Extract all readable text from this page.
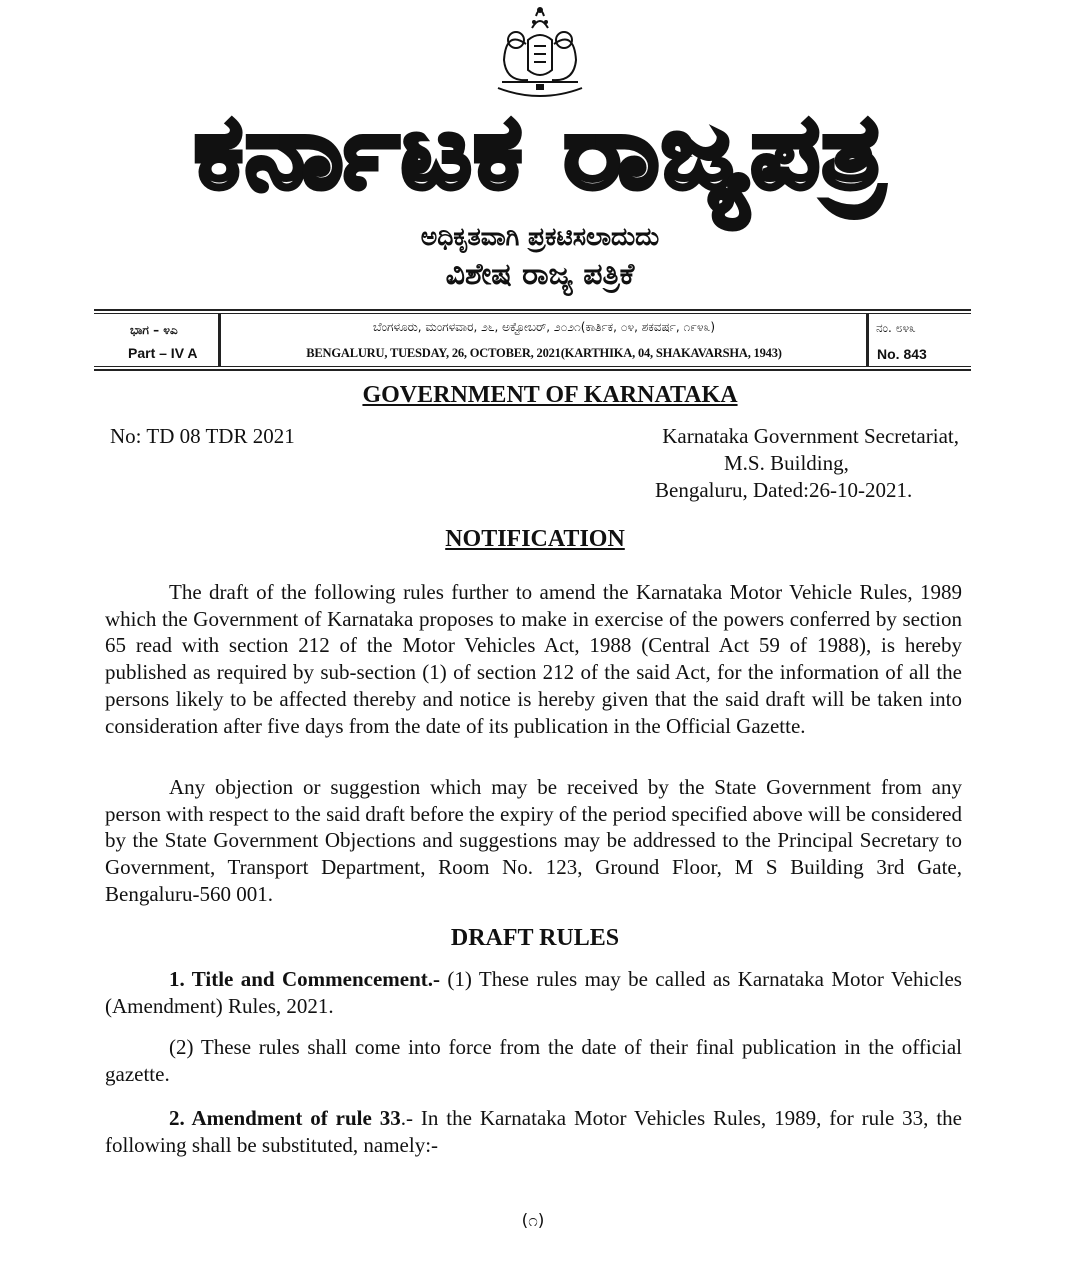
ಕರ್ನಾಟಕ ರಾಜ್ಯಪತ್ರ
ಅಧಿಕೃತವಾಗಿ ಪ್ರಕಟಿಸಲಾದುದು
ವಿಶೇಷ ರಾಜ್ಯ ಪತ್ರಿಕೆ
ಭಾಗ – ೪ಎ
Part – IV A
ಬೆಂಗಳೂರು, ಮಂಗಳವಾರ, ೨೬, ಅಕ್ಟೋಬರ್, ೨೦೨೧(ಕಾರ್ತಿಕ, ೦೪, ಶಕವರ್ಷ, ೧೯೪೩)
BENGALURU, TUESDAY, 26, OCTOBER, 2021(KARTHIKA, 04, SHAKAVARSHA, 1943)
ನಂ. ೮೪೩
No. 843
GOVERNMENT OF KARNATAKA
No: TD 08 TDR 2021	Karnataka Government Secretariat,
M.S. Building,
Bengaluru, Dated:26-10-2021.
NOTIFICATION
The draft of the following rules further to amend the Karnataka Motor Vehicle Rules, 1989 which the Government of Karnataka proposes to make in exercise of the powers conferred by section 65 read with section 212 of the Motor Vehicles Act, 1988 (Central Act 59 of 1988), is hereby published as required by sub-section (1) of section 212 of the said Act, for the information of all the persons likely to be affected thereby and notice is hereby given that the said draft will be taken into consideration after five days from the date of its publication in the Official Gazette.
Any objection or suggestion which may be received by the State Government from any person with respect to the said draft before the expiry of the period specified above will be considered by the State Government Objections and suggestions may be addressed to the Principal Secretary to Government, Transport Department, Room No. 123, Ground Floor, M S Building 3rd Gate, Bengaluru-560 001.
DRAFT RULES
1. Title and Commencement.- (1) These rules may be called as Karnataka Motor Vehicles (Amendment) Rules, 2021.
(2) These rules shall come into force from the date of their final publication in the official gazette.
2. Amendment of rule 33.- In the Karnataka Motor Vehicles Rules, 1989, for rule 33, the following shall be substituted, namely:-
(೧)
